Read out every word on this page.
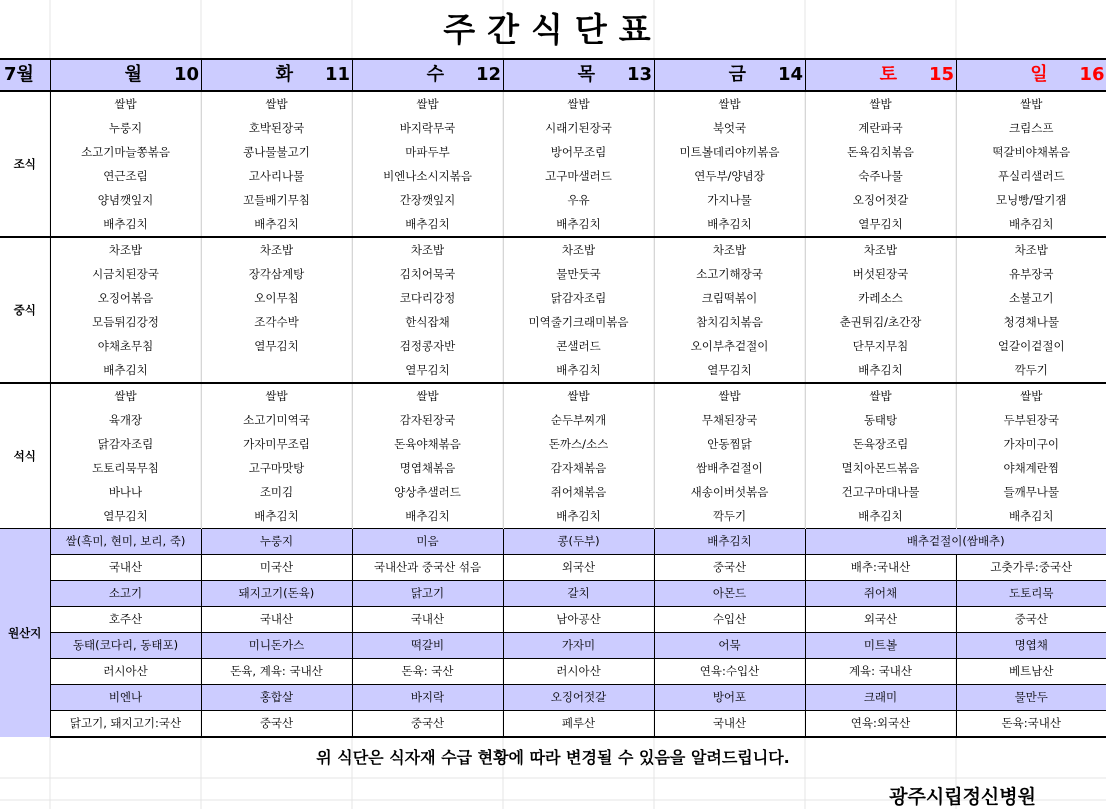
주간식단표
7월	월 10	화 11	수 12	목 13	금 14	토 15	일 16
조식	쌀밥	쌀밥	쌀밥	쌀밥	쌀밥	쌀밥	쌀밥
	누룽지	호박된장국	바지락무국	시래기된장국	북엇국	계란파국	크림스프
	소고기마늘쫑볶음	콩나물불고기	마파두부	방어무조림	미트볼데리야끼볶음	돈육김치볶음	떡갈비야채볶음
	연근조림	고사리나물	비엔나소시지볶음	고구마샐러드	연두부/양념장	숙주나물	푸실리샐러드
	양념깻잎지	꼬들배기무침	간장깻잎지	우유	가지나물	오징어젓갈	모닝빵/딸기잼
	배추김치	배추김치	배추김치	배추김치	배추김치	열무김치	배추김치
중식	차조밥	차조밥	차조밥	차조밥	차조밥	차조밥	차조밥
	시금치된장국	장각삼계탕	김치어묵국	물만둣국	소고기해장국	버섯된장국	유부장국
	오징어볶음	오이무침	코다리강정	닭감자조림	크림떡볶이	카레소스	소불고기
	모듬튀김강정	조각수박	한식잡채	미역줄기크래미볶음	참치김치볶음	춘권튀김/초간장	청경채나물
	야채초무침	열무김치	검정콩자반	콘샐러드	오이부추겉절이	단무지무침	얼갈이겉절이
	배추김치		열무김치	배추김치	열무김치	배추김치	깍두기
석식	쌀밥	쌀밥	쌀밥	쌀밥	쌀밥	쌀밥	쌀밥
	육개장	소고기미역국	감자된장국	순두부찌개	무채된장국	동태탕	두부된장국
	닭감자조림	가자미무조림	돈육야채볶음	돈까스/소스	안동찜닭	돈육장조림	가자미구이
	도토리묵무침	고구마맛탕	명엽채볶음	감자채볶음	쌈배추겉절이	멸치아몬드볶음	야채계란찜
	바나나	조미김	양상추샐러드	쥐어채볶음	새송이버섯볶음	건고구마대나물	들깨무나물
	열무김치	배추김치	배추김치	배추김치	깍두기	배추김치	배추김치
원산지	쌀(흑미, 현미, 보리, 죽)	누룽지	미음	콩(두부)	배추김치	배추겉절이(쌈배추)	
	국내산	미국산	국내산과 중국산 섞음	외국산	중국산	배추:국내산	고춧가루:중국산
	소고기	돼지고기(돈육)	닭고기	갈치	아몬드	쥐어채	도토리묵
	호주산	국내산	국내산	남아공산	수입산	외국산	중국산
	동태(코다리, 동태포)	미니돈가스	떡갈비	가자미	어묵	미트볼	명엽채
	러시아산	돈육, 계육: 국내산	돈육: 국산	러시아산	연육:수입산	계육: 국내산	베트남산
	비엔나	홍합살	바지락	오징어젓갈	방어포	크래미	물만두
	닭고기, 돼지고기:국산	중국산	중국산	페루산	국내산	연육:외국산	돈육:국내산
위 식단은 식자재 수급 현황에 따라 변경될 수 있음을 알려드립니다.
광주시립정신병원
